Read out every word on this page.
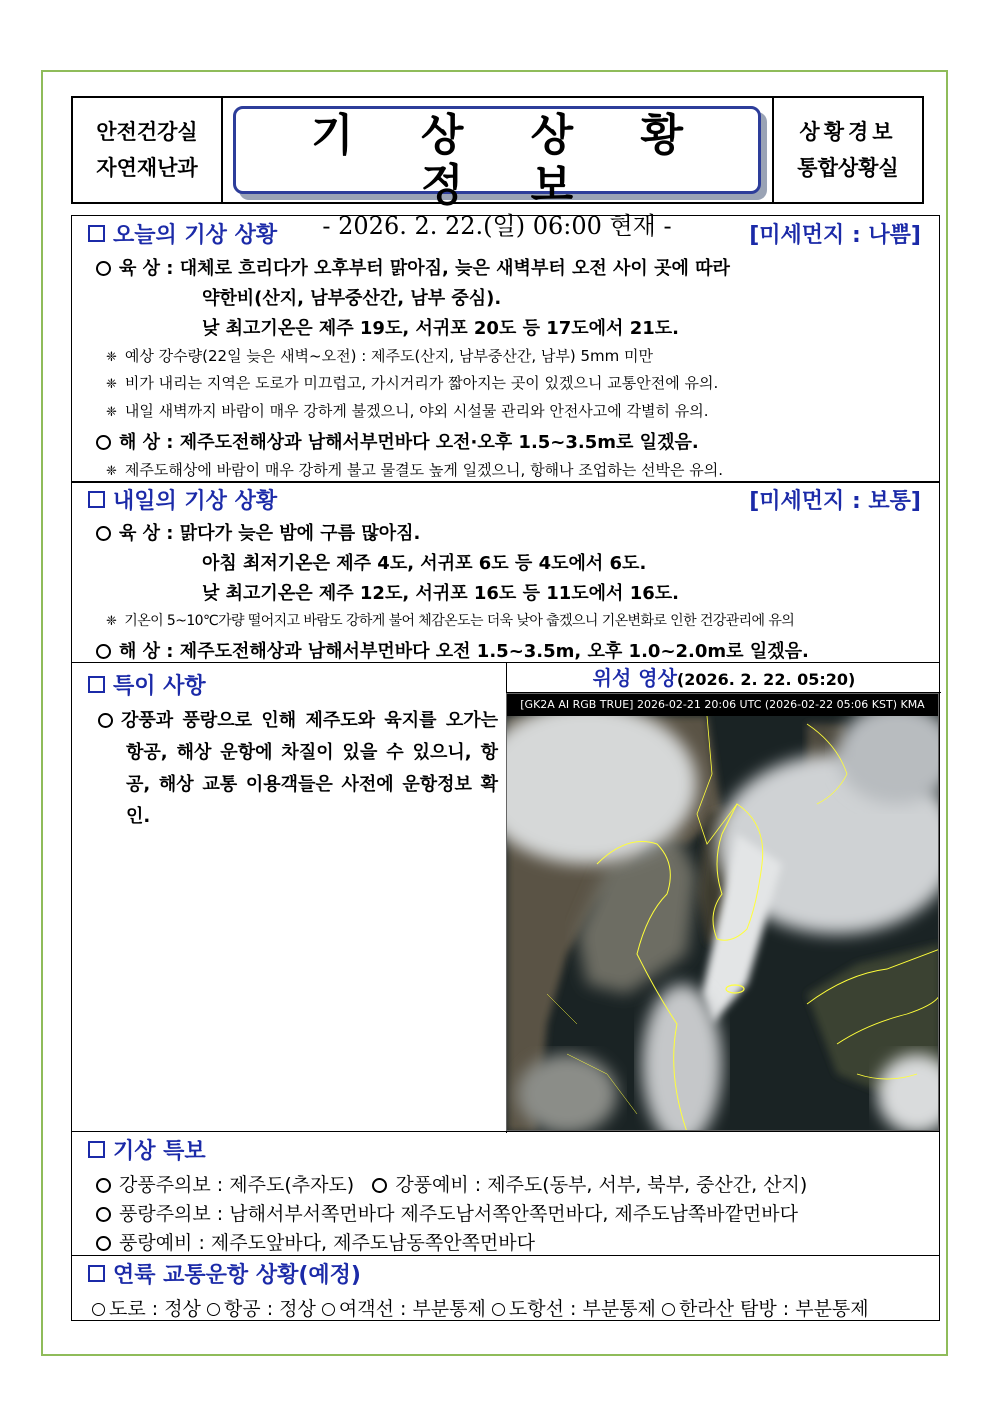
안전건강실
자연재난과
기 상 상 황 정 보
- 2026. 2. 22.(일) 06:00 현재 -
상황경보
통합상황실
오늘의 기상 상황	[미세먼지 : 나쁨]
육 상 : 대체로 흐리다가 오후부터 맑아짐, 늦은 새벽부터 오전 사이 곳에 따라
약한비(산지, 남부중산간, 남부 중심).
낮 최고기온은 제주 19도, 서귀포 20도 등 17도에서 21도.
❈ 예상 강수량(22일 늦은 새벽~오전) : 제주도(산지, 남부중산간, 남부) 5mm 미만
❈ 비가 내리는 지역은 도로가 미끄럽고, 가시거리가 짧아지는 곳이 있겠으니 교통안전에 유의.
❈ 내일 새벽까지 바람이 매우 강하게 불겠으니, 야외 시설물 관리와 안전사고에 각별히 유의.
해 상 : 제주도전해상과 남해서부먼바다 오전·오후 1.5~3.5m로 일겠음.
❈ 제주도해상에 바람이 매우 강하게 불고 물결도 높게 일겠으니, 항해나 조업하는 선박은 유의.
내일의 기상 상황	[미세먼지 : 보통]
육 상 : 맑다가 늦은 밤에 구름 많아짐.
아침 최저기온은 제주 4도, 서귀포 6도 등 4도에서 6도.
낮 최고기온은 제주 12도, 서귀포 16도 등 11도에서 16도.
❈ 기온이 5~10℃가량 떨어지고 바람도 강하게 불어 체감온도는 더욱 낮아 춥겠으니 기온변화로 인한 건강관리에 유의
해 상 : 제주도전해상과 남해서부먼바다 오전 1.5~3.5m, 오후 1.0~2.0m로 일겠음.
특이 사항
강풍과 풍랑으로 인해 제주도와 육지를 오가는 항공, 해상 운항에 차질이 있을 수 있으니, 항공, 해상 교통 이용객들은 사전에 운항정보 확인.
위성 영상(2026. 2. 22. 05:20)
[GK2A AI RGB TRUE] 2026-02-21 20:06 UTC (2026-02-22 05:06 KST) KMA
기상 특보
강풍주의보 : 제주도(추자도) 강풍예비 : 제주도(동부, 서부, 북부, 중산간, 산지)
풍랑주의보 : 남해서부서쪽먼바다 제주도남서쪽안쪽먼바다, 제주도남쪽바깥먼바다
풍랑예비 : 제주도앞바다, 제주도남동쪽안쪽먼바다
연륙 교통운항 상황(예정)
도로 : 정상 항공 : 정상 여객선 : 부분통제 도항선 : 부분통제 한라산 탐방 : 부분통제
